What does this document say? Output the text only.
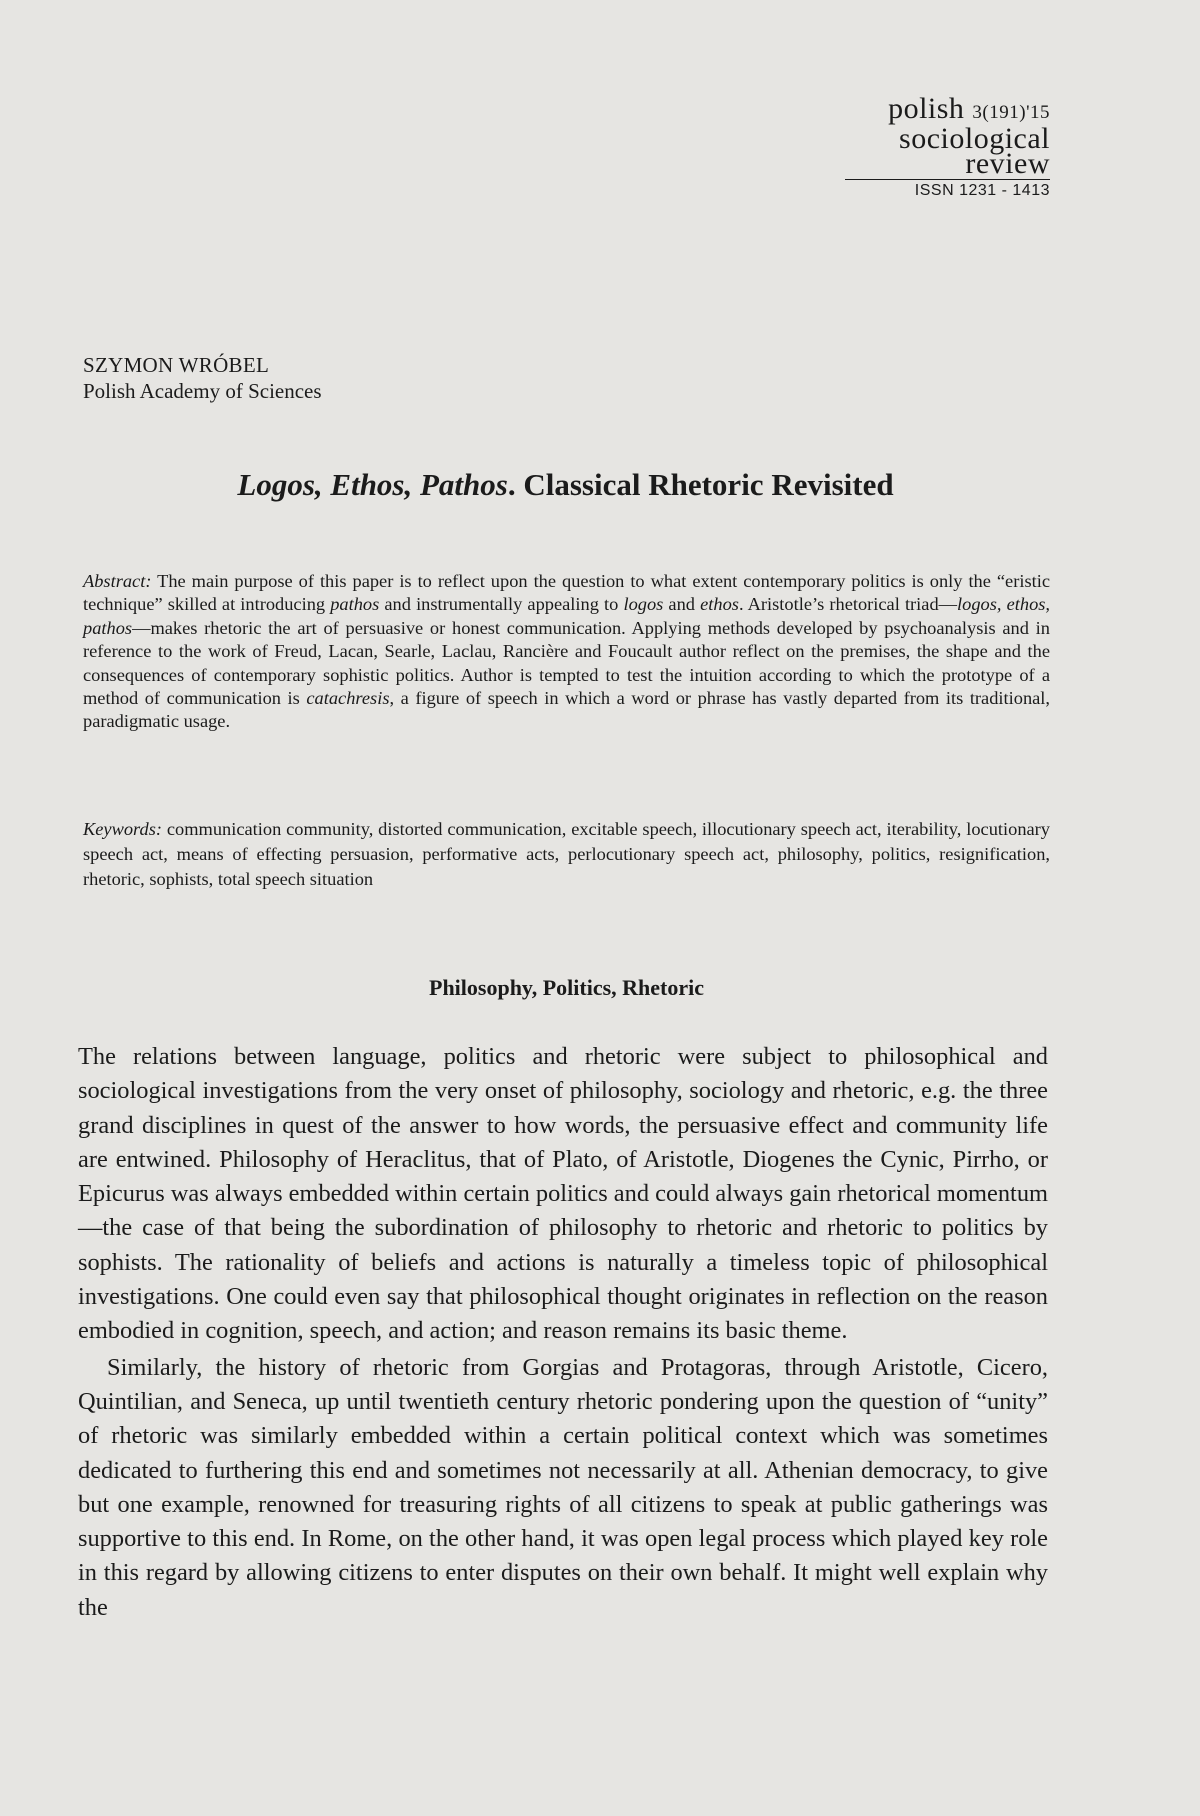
polish 3(191)'15
sociological
review
ISSN 1231 - 1413
SZYMON WRÓBEL
Polish Academy of Sciences
Logos, Ethos, Pathos. Classical Rhetoric Revisited
Abstract: The main purpose of this paper is to reflect upon the question to what extent contemporary politics is only the “eristic technique” skilled at introducing pathos and instrumentally appealing to logos and ethos. Aristotle’s rhetorical triad—logos, ethos, pathos—makes rhetoric the art of persuasive or honest communication. Applying methods developed by psychoanalysis and in reference to the work of Freud, Lacan, Searle, Laclau, Rancière and Foucault author reflect on the premises, the shape and the consequences of contemporary sophistic politics. Author is tempted to test the intuition according to which the prototype of a method of communication is catachresis, a figure of speech in which a word or phrase has vastly departed from its traditional, paradigmatic usage.
Keywords: communication community, distorted communication, excitable speech, illocutionary speech act, iterability, locutionary speech act, means of effecting persuasion, performative acts, perlocutionary speech act, philosophy, politics, resignification, rhetoric, sophists, total speech situation
Philosophy, Politics, Rhetoric

The relations between language, politics and rhetoric were subject to philosophical and sociological investigations from the very onset of philosophy, sociology and rhetoric, e.g. the three grand disciplines in quest of the answer to how words, the persuasive effect and community life are entwined. Philosophy of Heraclitus, that of Plato, of Aristotle, Diogenes the Cynic, Pirrho, or Epicurus was always embedded within certain politics and could always gain rhetorical momentum—the case of that being the subordination of philosophy to rhetoric and rhetoric to politics by sophists. The rationality of beliefs and actions is naturally a timeless topic of philosophical investigations. One could even say that philosophical thought originates in reflection on the reason embodied in cognition, speech, and action; and reason remains its basic theme.

Similarly, the history of rhetoric from Gorgias and Protagoras, through Aristotle, Cicero, Quintilian, and Seneca, up until twentieth century rhetoric pondering upon the question of “unity” of rhetoric was similarly embedded within a certain political context which was sometimes dedicated to furthering this end and sometimes not necessarily at all. Athenian democracy, to give but one example, renowned for treasuring rights of all citizens to speak at public gatherings was supportive to this end. In Rome, on the other hand, it was open legal process which played key role in this regard by allowing citizens to enter disputes on their own behalf. It might well explain why the
